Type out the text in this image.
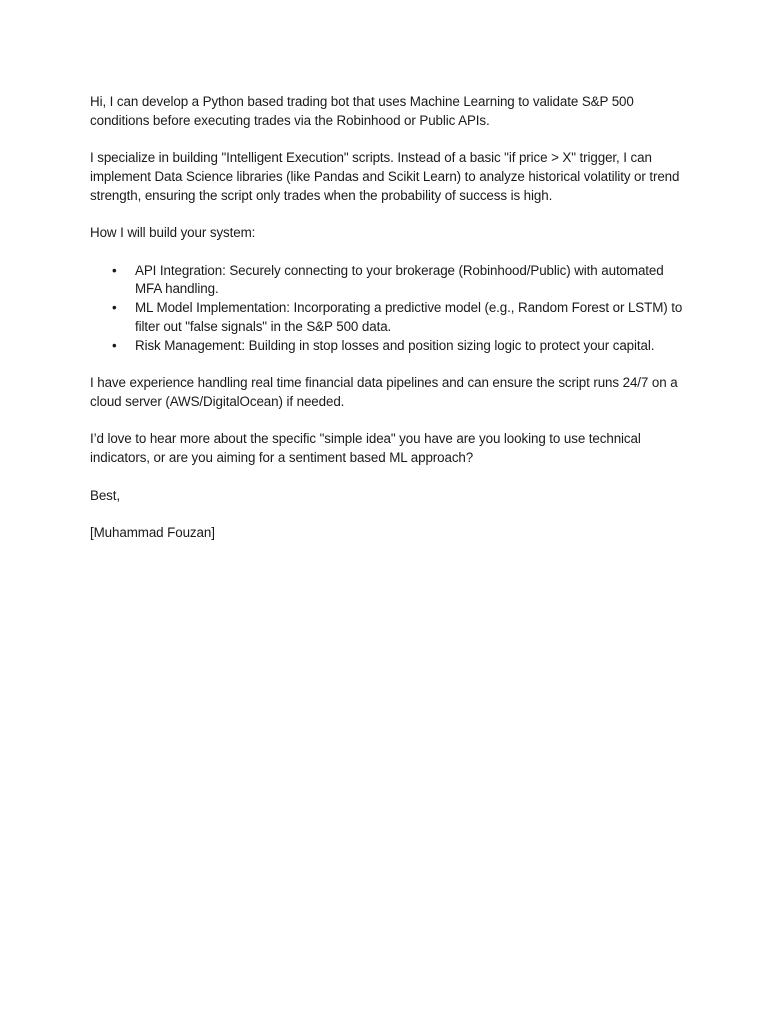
Hi, I can develop a Python based trading bot that uses Machine Learning to validate S&P 500 conditions before executing trades via the Robinhood or Public APIs.

I specialize in building "Intelligent Execution" scripts. Instead of a basic "if price > X" trigger, I can implement Data Science libraries (like Pandas and Scikit Learn) to analyze historical volatility or trend strength, ensuring the script only trades when the probability of success is high.

How I will build your system:

•	API Integration: Securely connecting to your brokerage (Robinhood/Public) with automated MFA handling.
•	ML Model Implementation: Incorporating a predictive model (e.g., Random Forest or LSTM) to filter out "false signals" in the S&P 500 data.
•	Risk Management: Building in stop losses and position sizing logic to protect your capital.

I have experience handling real time financial data pipelines and can ensure the script runs 24/7 on a cloud server (AWS/DigitalOcean) if needed.

I’d love to hear more about the specific "simple idea" you have are you looking to use technical indicators, or are you aiming for a sentiment based ML approach?

Best,

[Muhammad Fouzan]
